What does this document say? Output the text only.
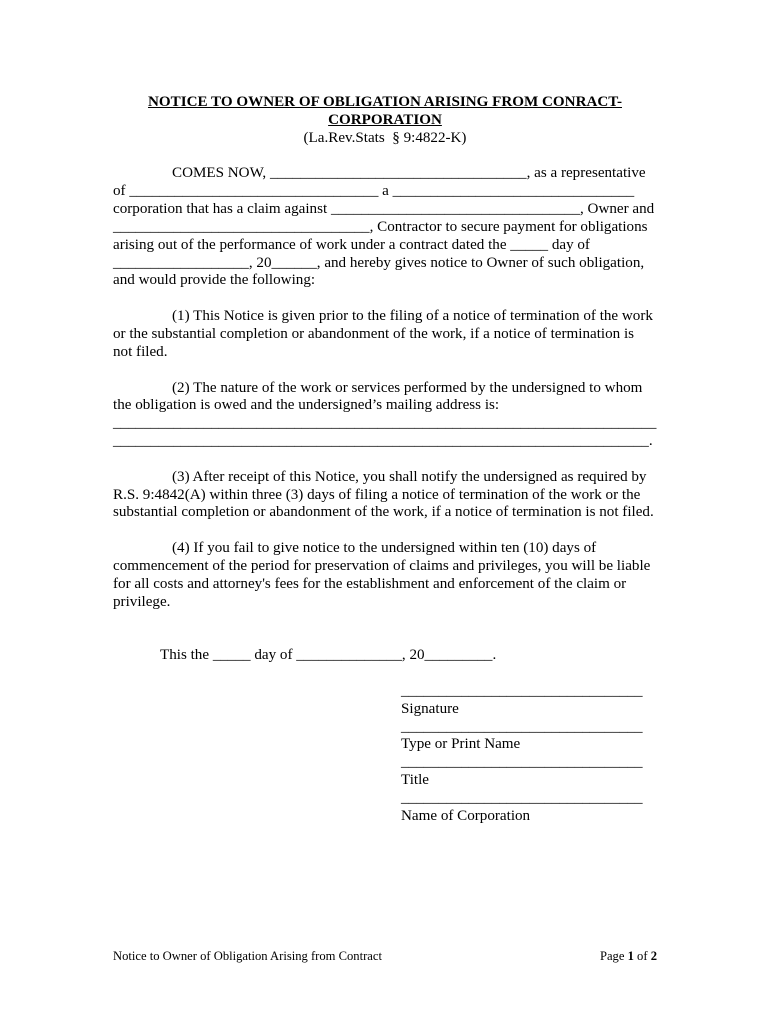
NOTICE TO OWNER OF OBLIGATION ARISING FROM CONRACT-
CORPORATION
(La.Rev.Stats  § 9:4822-K)
COMES NOW, __________________________________, as a representative
of _________________________________ a ________________________________
corporation that has a claim against _________________________________, Owner and
__________________________________, Contractor to secure payment for obligations
arising out of the performance of work under a contract dated the _____ day of
__________________, 20______, and hereby gives notice to Owner of such obligation,
and would provide the following:
(1) This Notice is given prior to the filing of a notice of termination of the work
or the substantial completion or abandonment of the work, if a notice of termination is
not filed.
(2) The nature of the work or services performed by the undersigned to whom
the obligation is owed and the undersigned’s mailing address is:
________________________________________________________________________
_______________________________________________________________________.
(3) After receipt of this Notice, you shall notify the undersigned as required by
R.S. 9:4842(A) within three (3) days of filing a notice of termination of the work or the
substantial completion or abandonment of the work, if a notice of termination is not filed.
(4) If you fail to give notice to the undersigned within ten (10) days of
commencement of the period for preservation of claims and privileges, you will be liable
for all costs and attorney's fees for the establishment and enforcement of the claim or
privilege.
This the _____ day of ______________, 20_________.
________________________________
Signature
________________________________
Type or Print Name
________________________________
Title
________________________________
Name of Corporation
Notice to Owner of Obligation Arising from Contract	Page 1 of 2
